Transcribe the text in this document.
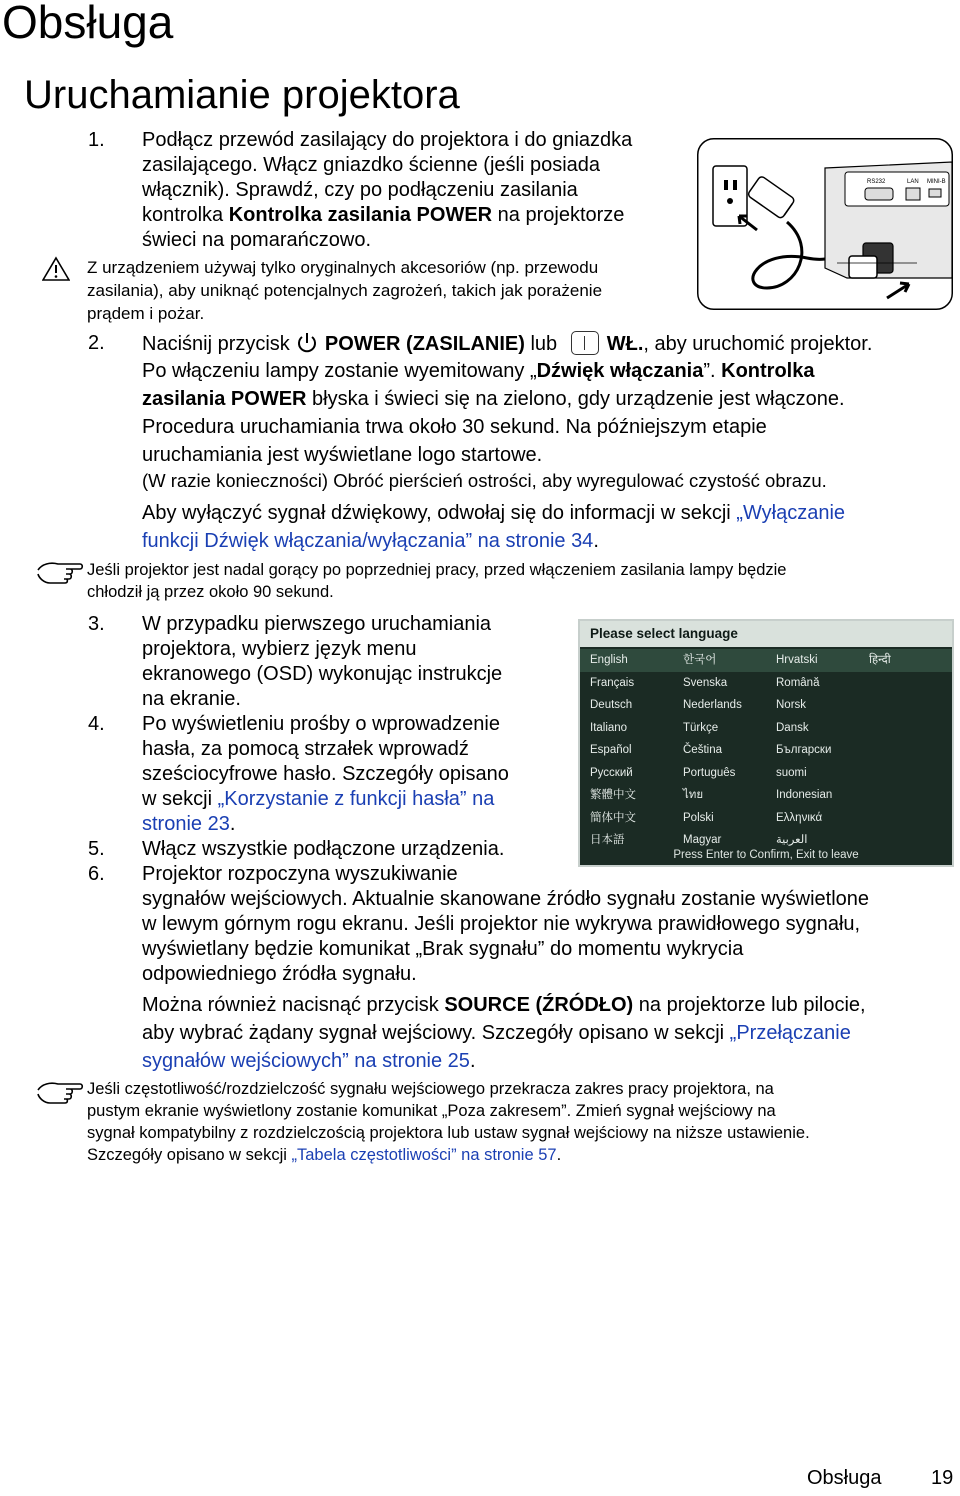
Obsługa
Uruchamianie projektora
1. Podłącz przewód zasilający do projektora i do gniazdka
zasilającego. Włącz gniazdko ścienne (jeśli posiada
włącznik). Sprawdź, czy po podłączeniu zasilania
kontrolka Kontrolka zasilania POWER na projektorze
świeci na pomarańczowo.
Z urządzeniem używaj tylko oryginalnych akcesoriów (np. przewodu
zasilania), aby uniknąć potencjalnych zagrożeń, takich jak porażenie
prądem i pożar.
RS232	LAN MINI-B
2. Naciśnij przycisk  POWER (ZASILANIE) lub WŁ., aby uruchomić projektor.
Po włączeniu lampy zostanie wyemitowany „Dźwięk włączania”. Kontrolka
zasilania POWER błyska i świeci się na zielono, gdy urządzenie jest włączone.
Procedura uruchamiania trwa około 30 sekund. Na późniejszym etapie
uruchamiania jest wyświetlane logo startowe.
(W razie konieczności) Obróć pierścień ostrości, aby wyregulować czystość obrazu.
Aby wyłączyć sygnał dźwiękowy, odwołaj się do informacji w sekcji „Wyłączanie
funkcji Dźwięk włączania/wyłączania” na stronie 34.
Jeśli projektor jest nadal gorący po poprzedniej pracy, przed włączeniem zasilania lampy będzie
chłodził ją przez około 90 sekund.
3. W przypadku pierwszego uruchamiania
projektora, wybierz język menu
ekranowego (OSD) wykonując instrukcje
na ekranie.
4. Po wyświetleniu prośby o wprowadzenie
hasła, za pomocą strzałek wprowadź
sześciocyfrowe hasło. Szczegóły opisano
w sekcji „Korzystanie z funkcji hasła” na
stronie 23.
5. Włącz wszystkie podłączone urządzenia.
6. Projektor rozpoczyna wyszukiwanie
sygnałów wejściowych. Aktualnie skanowane źródło sygnału zostanie wyświetlone
w lewym górnym rogu ekranu. Jeśli projektor nie wykrywa prawidłowego sygnału,
wyświetlany będzie komunikat „Brak sygnału” do momentu wykrycia
odpowiedniego źródła sygnału.
Można również nacisnąć przycisk SOURCE (ŹRÓDŁO) na projektorze lub pilocie,
aby wybrać żądany sygnał wejściowy. Szczegóły opisano w sekcji „Przełączanie
sygnałów wejściowych” na stronie 25.
Jeśli częstotliwość/rozdzielczość sygnału wejściowego przekracza zakres pracy projektora, na
pustym ekranie wyświetlony zostanie komunikat „Poza zakresem”. Zmień sygnał wejściowy na
sygnał kompatybilny z rozdzielczością projektora lub ustaw sygnał wejściowy na niższe ustawienie.
Szczegóły opisano w sekcji „Tabela częstotliwości” na stronie 57.
Please select language
English	한국어	Hrvatski	हिन्दी
Français	Svenska	Română
Deutsch	Nederlands	Norsk
Italiano	Türkçe	Dansk
Español	Čeština	Български
Русский	Português	suomi
繁體中文	ไทย	Indonesian
簡体中文	Polski	Ελληνικά
日本語	Magyar	العربية
Press Enter to Confirm, Exit to leave
Obsługa 19
